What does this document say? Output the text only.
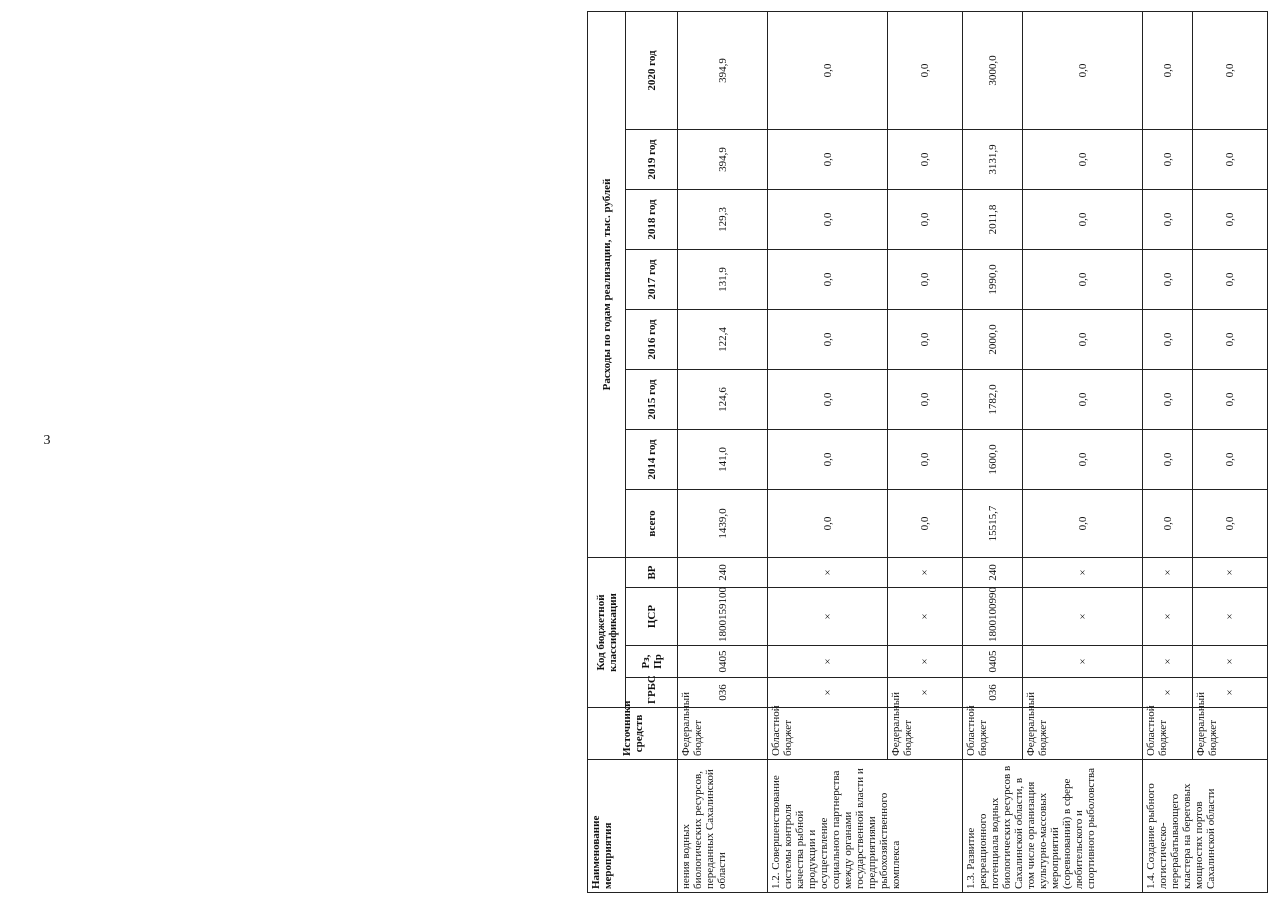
3
Наименование мероприятия	Источники средств	Код бюджетной классификации				Расходы по годам реализации, тыс. рублей							
		ГРБС	Рз, Пр	ЦСР	ВР	всего	2014 год	2015 год	2016 год	2017 год	2018 год	2019 год	2020 год
нения водных биологических ресурсов, переданных Сахалинской области	Федеральный бюджет	036	0405	1800159100	240	1439,0	141,0	124,6	122,4	131,9	129,3	394,9	394,9
1.2. Совершенствование системы контроля качества рыбной продукции и осуществление социального партнерства между органами государственной власти и предприятиями рыбохозяйственного комплекса	Областной бюджет	×	×	×	×	0,0	0,0	0,0	0,0	0,0	0,0	0,0	0,0
	Федеральный бюджет	×	×	×	×	0,0	0,0	0,0	0,0	0,0	0,0	0,0	0,0
1.3. Развитие рекреационного потенциала водных биологических ресурсов в Сахалинской области, в том числе организация культурно-массовых мероприятий (соревнований) в сфере любительского и спортивного рыболовства	Областной бюджет	036	0405	1800100990	240	15515,7	1600,0	1782,0	2000,0	1990,0	2011,8	3131,9	3000,0
	Федеральный бюджет		×	×	×	0,0	0,0	0,0	0,0	0,0	0,0	0,0	0,0
1.4. Создание рыбного логистическо-перерабатывающего кластера на береговых мощностях портов Сахалинской области	Областной бюджет	×	×	×	×	0,0	0,0	0,0	0,0	0,0	0,0	0,0	0,0
	Федеральный бюджет	×	×	×	×	0,0	0,0	0,0	0,0	0,0	0,0	0,0	0,0
